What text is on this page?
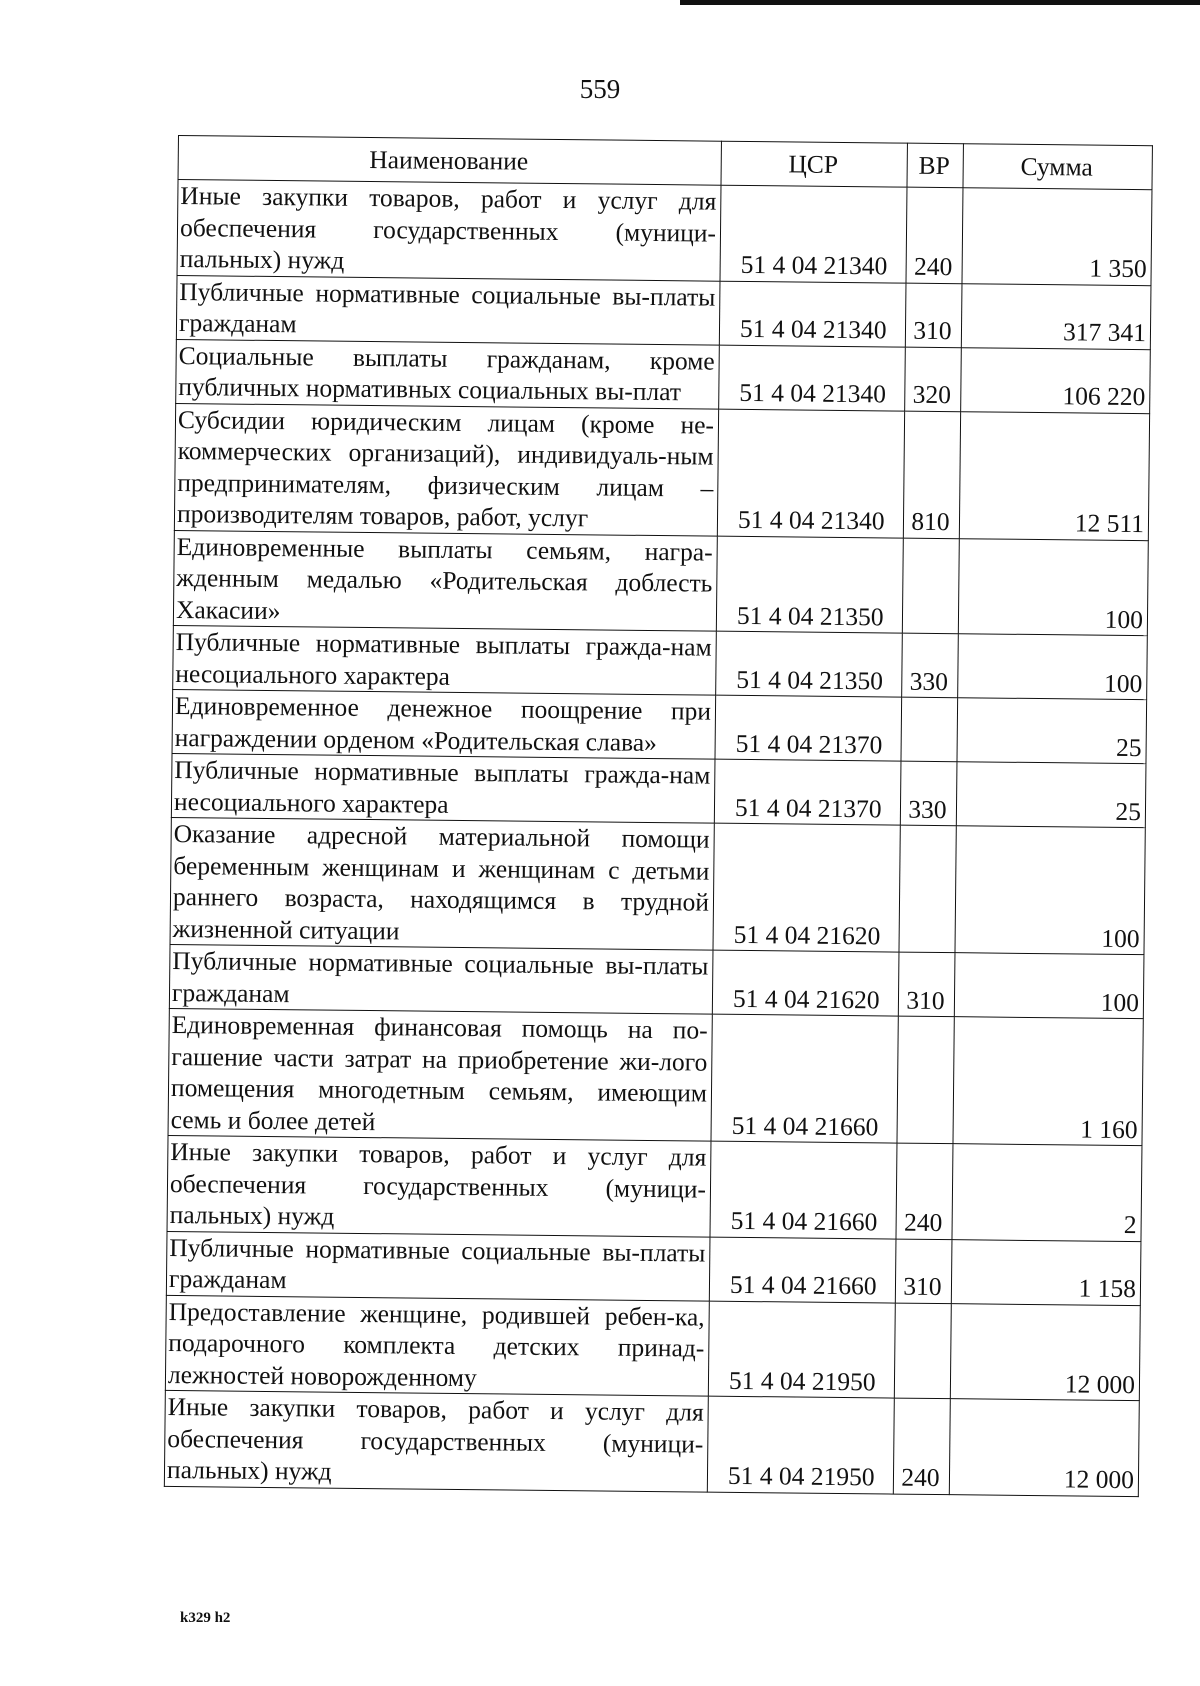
559
Наименование	ЦСР	ВР	Сумма
Иные закупки товаров, работ и услуг для обеспечения государственных (муници-пальных) нужд	51 4 04 21340	240	1 350
Публичные нормативные социальные вы-платы гражданам	51 4 04 21340	310	317 341
Социальные выплаты гражданам, кроме публичных нормативных социальных вы-плат	51 4 04 21340	320	106 220
Субсидии юридическим лицам (кроме не-коммерческих организаций), индивидуаль-ным предпринимателям, физическим лицам – производителям товаров, работ, услуг	51 4 04 21340	810	12 511
Единовременные выплаты семьям, награ-жденным медалью «Родительская доблесть Хакасии»	51 4 04 21350		100
Публичные нормативные выплаты гражда-нам несоциального характера	51 4 04 21350	330	100
Единовременное денежное поощрение при награждении орденом «Родительская слава»	51 4 04 21370		25
Публичные нормативные выплаты гражда-нам несоциального характера	51 4 04 21370	330	25
Оказание адресной материальной помощи беременным женщинам и женщинам с детьми раннего возраста, находящимся в трудной жизненной ситуации	51 4 04 21620		100
Публичные нормативные социальные вы-платы гражданам	51 4 04 21620	310	100
Единовременная финансовая помощь на по-гашение части затрат на приобретение жи-лого помещения многодетным семьям, имеющим семь и более детей	51 4 04 21660		1 160
Иные закупки товаров, работ и услуг для обеспечения государственных (муници-пальных) нужд	51 4 04 21660	240	2
Публичные нормативные социальные вы-платы гражданам	51 4 04 21660	310	1 158
Предоставление женщине, родившей ребен-ка, подарочного комплекта детских принад-лежностей новорожденному	51 4 04 21950		12 000
Иные закупки товаров, работ и услуг для обеспечения государственных (муници-пальных) нужд	51 4 04 21950	240	12 000
k329 h2
